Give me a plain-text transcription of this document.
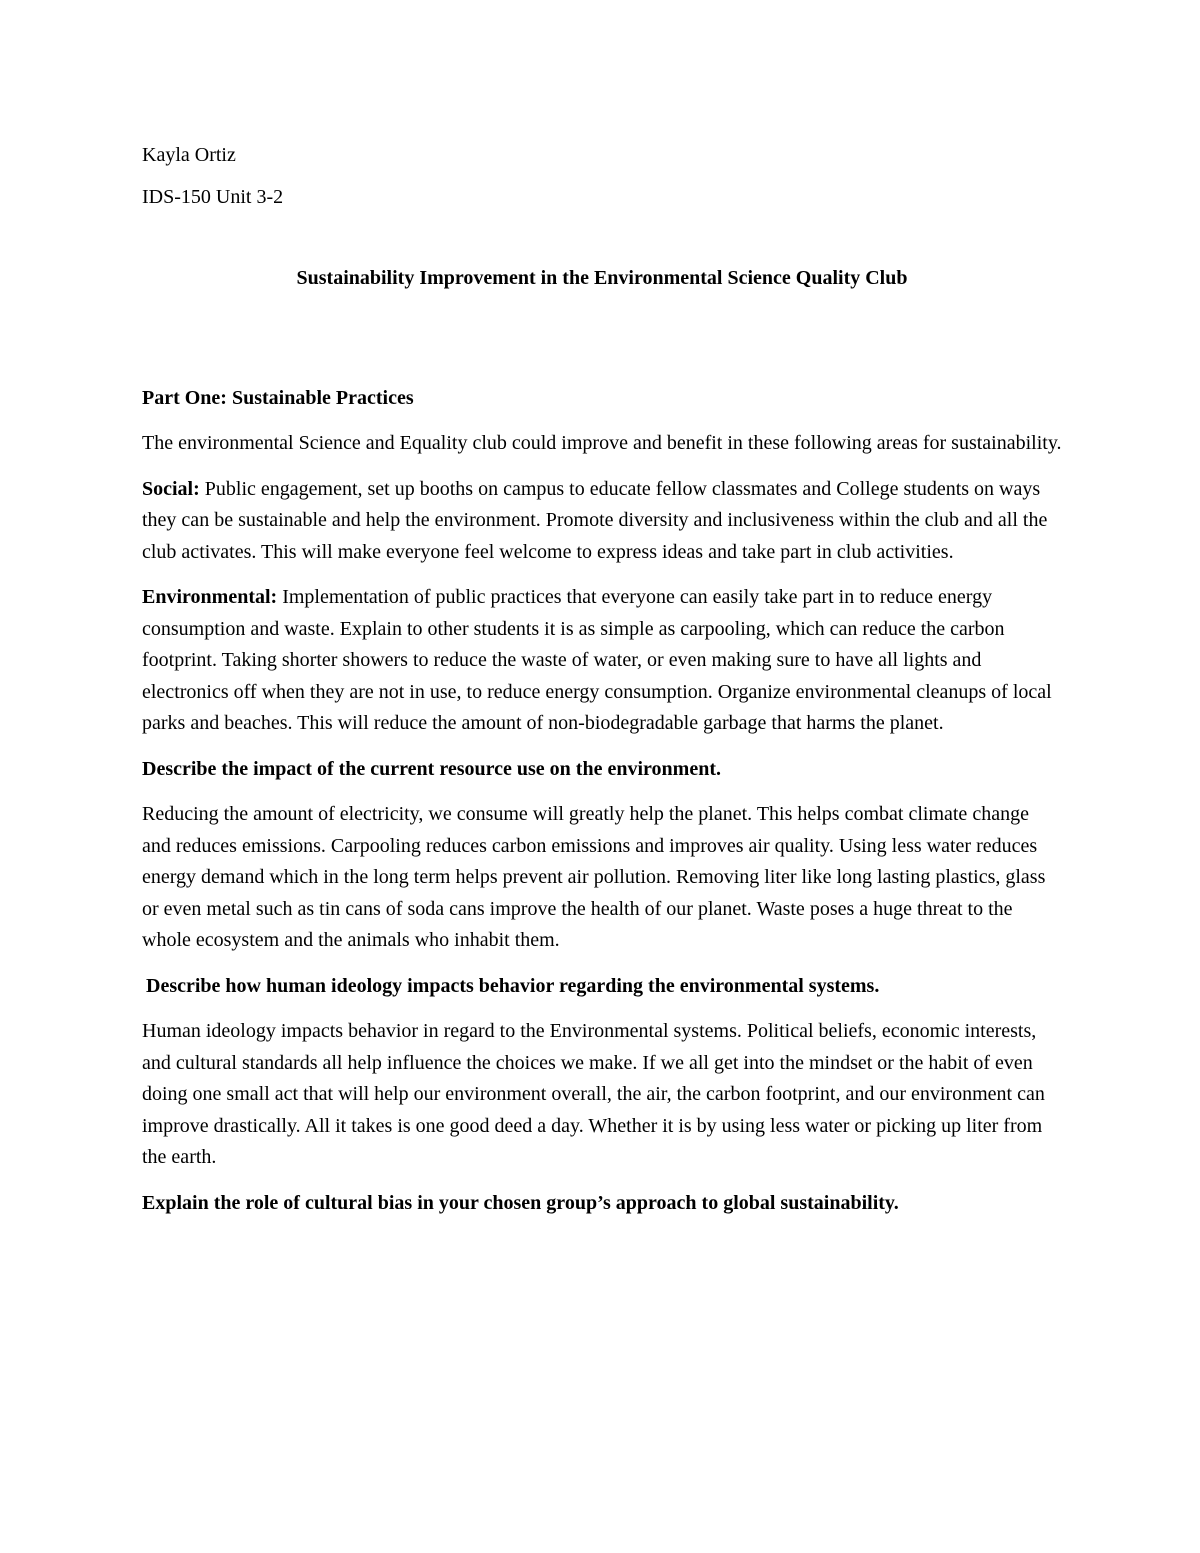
Kayla Ortiz

IDS-150 Unit 3-2

Sustainability Improvement in the Environmental Science Quality Club

Part One: Sustainable Practices

The environmental Science and Equality club could improve and benefit in these following areas for sustainability.

Social: Public engagement, set up booths on campus to educate fellow classmates and College students on ways they can be sustainable and help the environment. Promote diversity and inclusiveness within the club and all the club activates. This will make everyone feel welcome to express ideas and take part in club activities.

Environmental: Implementation of public practices that everyone can easily take part in to reduce energy consumption and waste. Explain to other students it is as simple as carpooling, which can reduce the carbon footprint. Taking shorter showers to reduce the waste of water, or even making sure to have all lights and electronics off when they are not in use, to reduce energy consumption. Organize environmental cleanups of local parks and beaches. This will reduce the amount of non-biodegradable garbage that harms the planet.

Describe the impact of the current resource use on the environment.

Reducing the amount of electricity, we consume will greatly help the planet. This helps combat climate change and reduces emissions. Carpooling reduces carbon emissions and improves air quality. Using less water reduces energy demand which in the long term helps prevent air pollution. Removing liter like long lasting plastics, glass or even metal such as tin cans of soda cans improve the health of our planet. Waste poses a huge threat to the whole ecosystem and the animals who inhabit them.

Describe how human ideology impacts behavior regarding the environmental systems.

Human ideology impacts behavior in regard to the Environmental systems. Political beliefs, economic interests, and cultural standards all help influence the choices we make. If we all get into the mindset or the habit of even doing one small act that will help our environment overall, the air, the carbon footprint, and our environment can improve drastically. All it takes is one good deed a day. Whether it is by using less water or picking up liter from the earth.

Explain the role of cultural bias in your chosen group’s approach to global sustainability.
